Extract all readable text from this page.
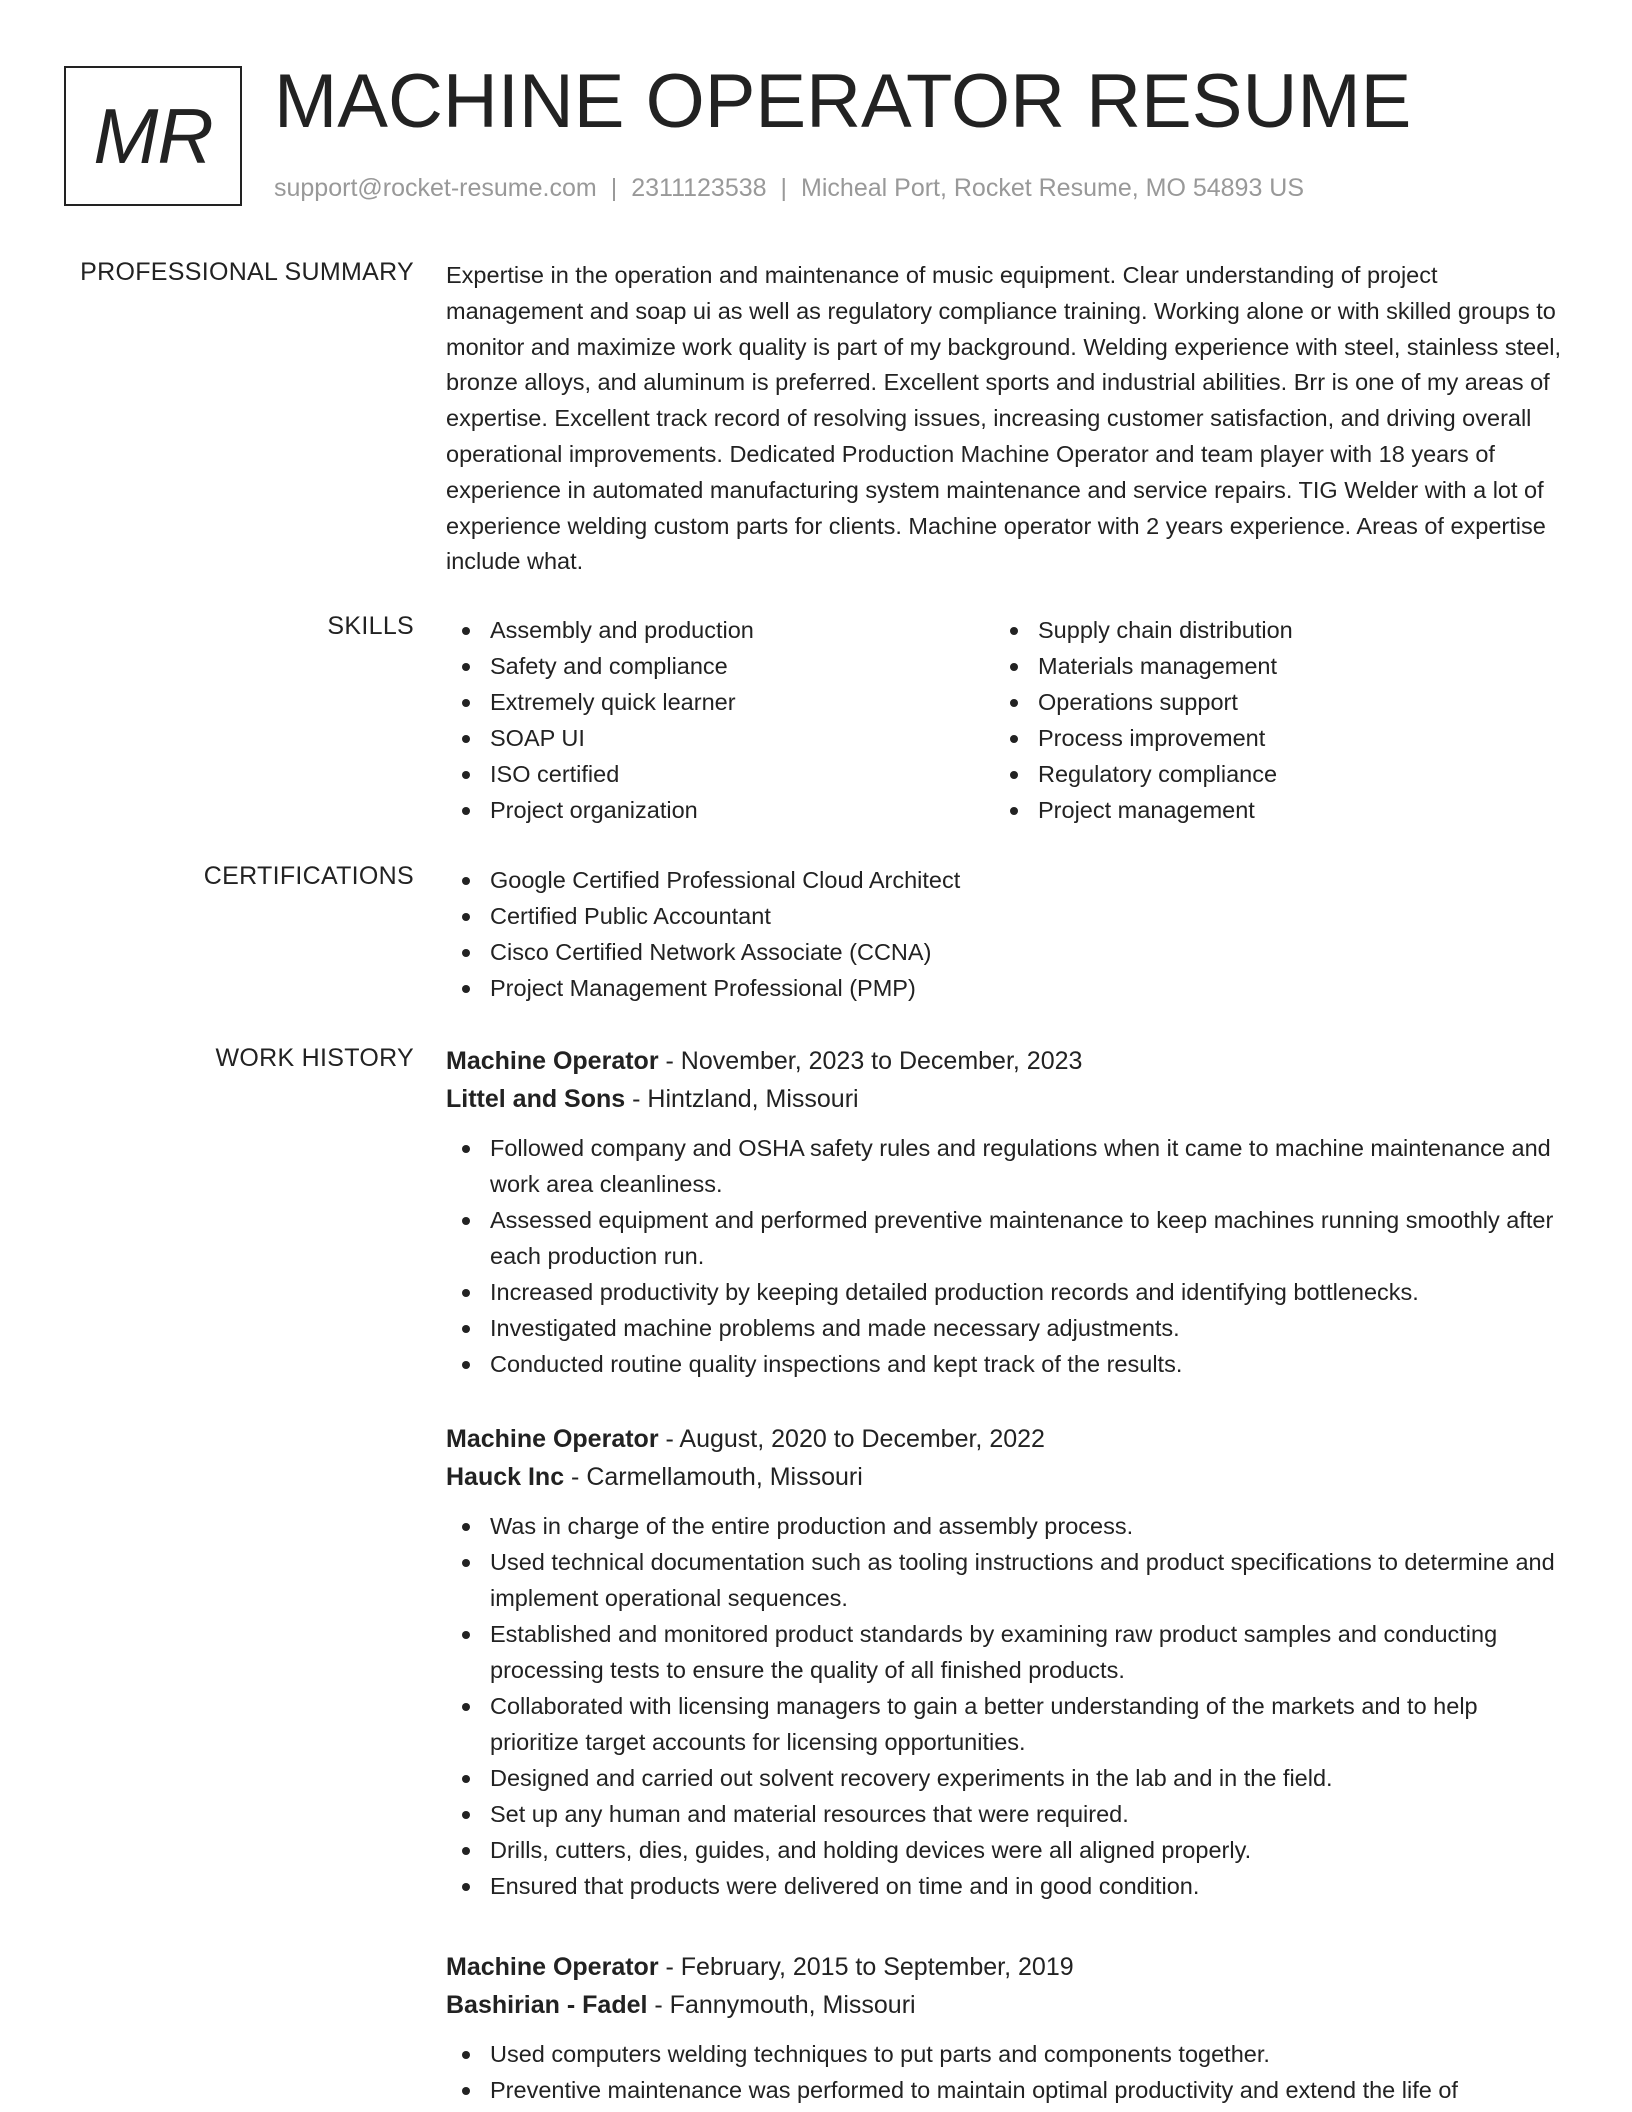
MR MACHINE OPERATOR RESUME
support@rocket-resume.com | 2311123538 | Micheal Port, Rocket Resume, MO 54893 US
PROFESSIONAL SUMMARY Expertise in the operation and maintenance of music equipment. Clear understanding of project management and soap ui as well as regulatory compliance training. Working alone or with skilled groups to monitor and maximize work quality is part of my background. Welding experience with steel, stainless steel, bronze alloys, and aluminum is preferred. Excellent sports and industrial abilities. Brr is one of my areas of expertise. Excellent track record of resolving issues, increasing customer satisfaction, and driving overall operational improvements. Dedicated Production Machine Operator and team player with 18 years of experience in automated manufacturing system maintenance and service repairs. TIG Welder with a lot of experience welding custom parts for clients. Machine operator with 2 years experience. Areas of expertise include what.
SKILLS	Assembly and production
Safety and compliance
Extremely quick learner
SOAP UI
ISO certified
Project organization
Supply chain distribution
Materials management
Operations support
Process improvement
Regulatory compliance
Project management
CERTIFICATIONS	Google Certified Professional Cloud Architect
Certified Public Accountant
Cisco Certified Network Associate (CCNA)
Project Management Professional (PMP)
WORK HISTORY Machine Operator - November, 2023 to December, 2023
Littel and Sons - Hintzland, Missouri
Followed company and OSHA safety rules and regulations when it came to machine maintenance and work area cleanliness.
Assessed equipment and performed preventive maintenance to keep machines running smoothly after each production run.
Increased productivity by keeping detailed production records and identifying bottlenecks.
Investigated machine problems and made necessary adjustments.
Conducted routine quality inspections and kept track of the results.
Machine Operator - August, 2020 to December, 2022
Hauck Inc - Carmellamouth, Missouri
Was in charge of the entire production and assembly process.
Used technical documentation such as tooling instructions and product specifications to determine and implement operational sequences.
Established and monitored product standards by examining raw product samples and conducting processing tests to ensure the quality of all finished products.
Collaborated with licensing managers to gain a better understanding of the markets and to help prioritize target accounts for licensing opportunities.
Designed and carried out solvent recovery experiments in the lab and in the field.
Set up any human and material resources that were required.
Drills, cutters, dies, guides, and holding devices were all aligned properly.
Ensured that products were delivered on time and in good condition.
Machine Operator - February, 2015 to September, 2019
Bashirian - Fadel - Fannymouth, Missouri
Used computers welding techniques to put parts and components together.
Preventive maintenance was performed to maintain optimal productivity and extend the life of
